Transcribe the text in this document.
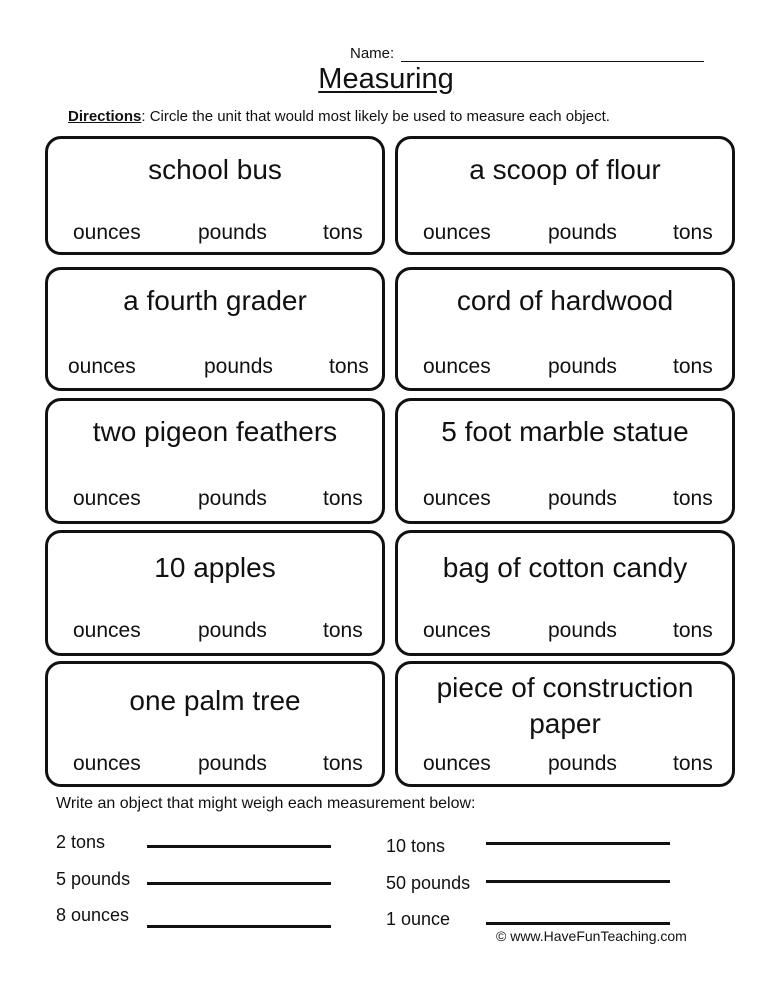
Name:
Measuring
Directions: Circle the unit that would most likely be used to measure each object.
school bus
ounces	pounds	tons
a scoop of flour
ounces	pounds	tons
a fourth grader
ounces	pounds	tons
cord of hardwood
ounces	pounds	tons
two pigeon feathers
ounces	pounds	tons
5 foot marble statue
ounces	pounds	tons
10 apples
ounces	pounds	tons
bag of cotton candy
ounces	pounds	tons
one palm tree
ounces	pounds	tons
piece of construction
paper
ounces	pounds	tons
Write an object that might weigh each measurement below:
2 tons
5 pounds
8 ounces
10 tons
50 pounds
1 ounce
© www.HaveFunTeaching.com
